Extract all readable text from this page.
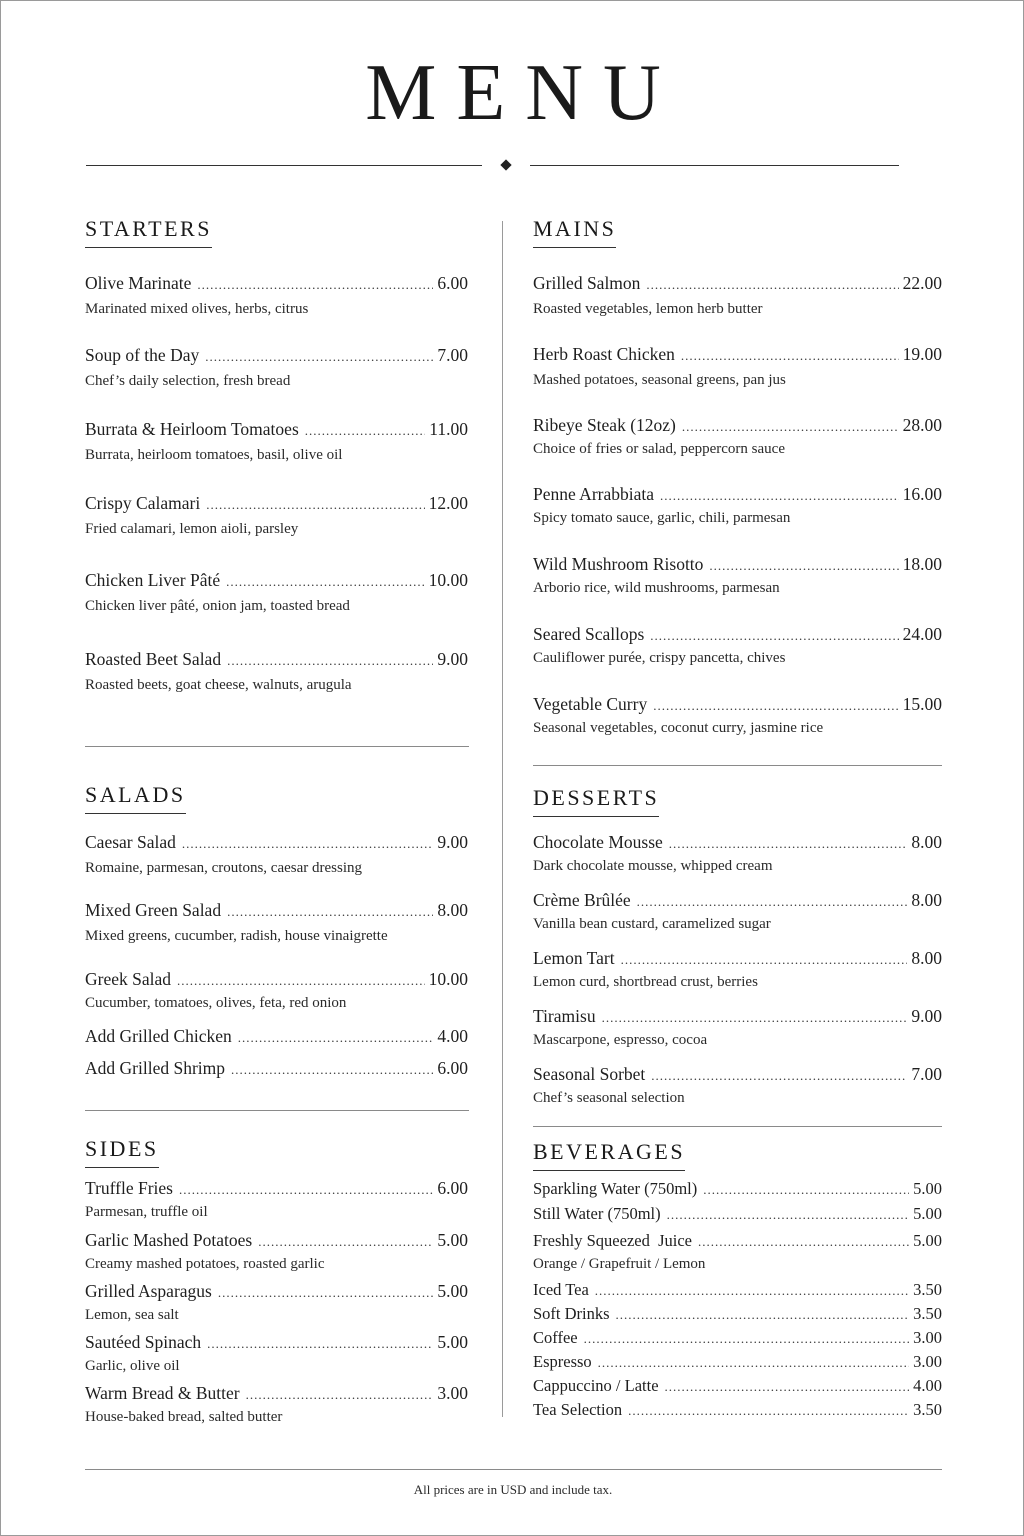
MENU
STARTERS
Olive Marinate .....	6.00
Marinated mixed olives, herbs, citrus
Soup of the Day .....	7.00
Chef’s daily selection, fresh bread
Burrata & Heirloom Tomatoes .....	11.00
Burrata, heirloom tomatoes, basil, olive oil
Crispy Calamari .....	12.00
Fried calamari, lemon aioli, parsley
Chicken Liver Pâté .....	10.00
Chicken liver pâté, onion jam, toasted bread
Roasted Beet Salad .....	9.00
Roasted beets, goat cheese, walnuts, arugula
SALADS
Caesar Salad .....	9.00
Romaine, parmesan, croutons, caesar dressing
Mixed Green Salad .....	8.00
Mixed greens, cucumber, radish, house vinaigrette
Greek Salad .....	10.00
Cucumber, tomatoes, olives, feta, red onion
Add Grilled Chicken .....	4.00
Add Grilled Shrimp .....	6.00
SIDES
Truffle Fries .....	6.00
Parmesan, truffle oil
Garlic Mashed Potatoes .....	5.00
Creamy mashed potatoes, roasted garlic
Grilled Asparagus .....	5.00
Lemon, sea salt
Sautéed Spinach .....	5.00
Garlic, olive oil
Warm Bread & Butter .....	3.00
House-baked bread, salted butter
MAINS
Grilled Salmon .....	22.00
Roasted vegetables, lemon herb butter
Herb Roast Chicken .....	19.00
Mashed potatoes, seasonal greens, pan jus
Ribeye Steak (12oz) .....	28.00
Choice of fries or salad, peppercorn sauce
Penne Arrabbiata .....	16.00
Spicy tomato sauce, garlic, chili, parmesan
Wild Mushroom Risotto .....	18.00
Arborio rice, wild mushrooms, parmesan
Seared Scallops .....	24.00
Cauliflower purée, crispy pancetta, chives
Vegetable Curry .....	15.00
Seasonal vegetables, coconut curry, jasmine rice
DESSERTS
Chocolate Mousse .....	8.00
Dark chocolate mousse, whipped cream
Crème Brûlée .....	8.00
Vanilla bean custard, caramelized sugar
Lemon Tart .....	8.00
Lemon curd, shortbread crust, berries
Tiramisu .....	9.00
Mascarpone, espresso, cocoa
Seasonal Sorbet .....	7.00
Chef’s seasonal selection
BEVERAGES
Sparkling Water (750ml) .....	5.00
Still Water (750ml) .....	5.00
Freshly Squeezed  Juice .....	5.00
Orange / Grapefruit / Lemon
Iced Tea .....	3.50
Soft Drinks .....	3.50
Coffee .....	3.00
Espresso .....	3.00
Cappuccino / Latte .....	4.00
Tea Selection .....	3.50
All prices are in USD and include tax.
